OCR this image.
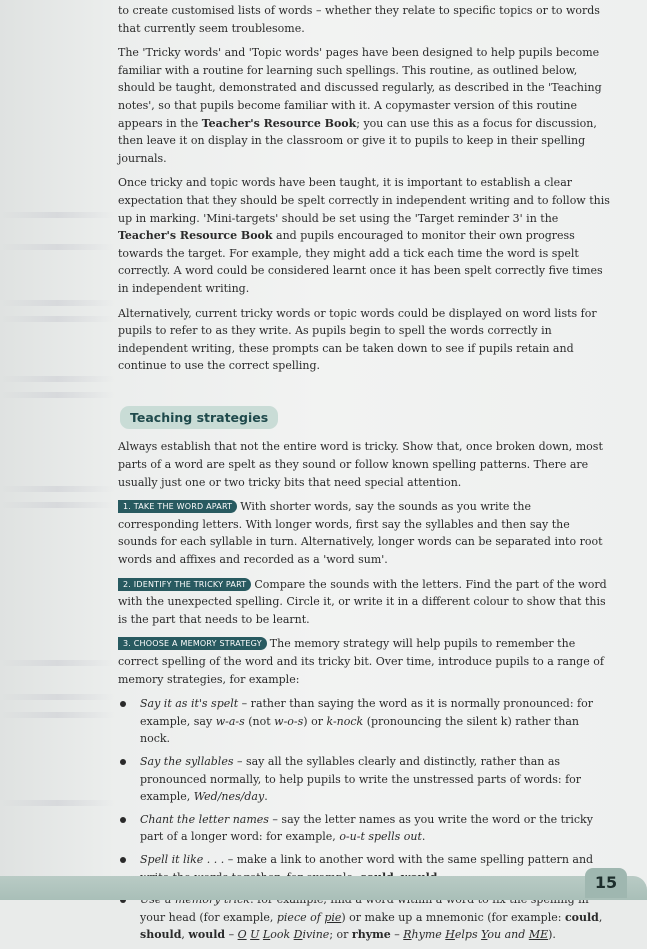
to create customised lists of words – whether they relate to specific topics or to words that currently seem troublesome.

The 'Tricky words' and 'Topic words' pages have been designed to help pupils become familiar with a routine for learning such spellings. This routine, as outlined below, should be taught, demonstrated and discussed regularly, as described in the 'Teaching notes', so that pupils become familiar with it. A copymaster version of this routine appears in the Teacher's Resource Book; you can use this as a focus for discussion, then leave it on display in the classroom or give it to pupils to keep in their spelling journals.

Once tricky and topic words have been taught, it is important to establish a clear expectation that they should be spelt correctly in independent writing and to follow this up in marking. 'Mini-targets' should be set using the 'Target reminder 3' in the Teacher's Resource Book and pupils encouraged to monitor their own progress towards the target. For example, they might add a tick each time the word is spelt correctly. A word could be considered learnt once it has been spelt correctly five times in independent writing.

Alternatively, current tricky words or topic words could be displayed on word lists for pupils to refer to as they write. As pupils begin to spell the words correctly in independent writing, these prompts can be taken down to see if pupils retain and continue to use the correct spelling.

Teaching strategies

Always establish that not the entire word is tricky. Show that, once broken down, most parts of a word are spelt as they sound or follow known spelling patterns. There are usually just one or two tricky bits that need special attention.

1. TAKE THE WORD APART With shorter words, say the sounds as you write the corresponding letters. With longer words, first say the syllables and then say the sounds for each syllable in turn. Alternatively, longer words can be separated into root words and affixes and recorded as a 'word sum'.

2. IDENTIFY THE TRICKY PART Compare the sounds with the letters. Find the part of the word with the unexpected spelling. Circle it, or write it in a different colour to show that this is the part that needs to be learnt.

3. CHOOSE A MEMORY STRATEGY The memory strategy will help pupils to remember the correct spelling of the word and its tricky bit. Over time, introduce pupils to a range of memory strategies, for example:

Say it as it's spelt – rather than saying the word as it is normally pronounced: for example, say w-a-s (not w-o-s) or k-nock (pronouncing the silent k) rather than nock.
Say the syllables – say all the syllables clearly and distinctly, rather than as pronounced normally, to help pupils to write the unstressed parts of words: for example, Wed/nes/day.
Chant the letter names – say the letter names as you write the word or the tricky part of a longer word: for example, o-u-t spells out.
Spell it like . . . – make a link to another word with the same spelling pattern and
your head (for example, piece of pie) or make up a mnemonic (for example: could, should, would – O U Look Divine; or rhyme – Rhyme Helps You and ME).
15
